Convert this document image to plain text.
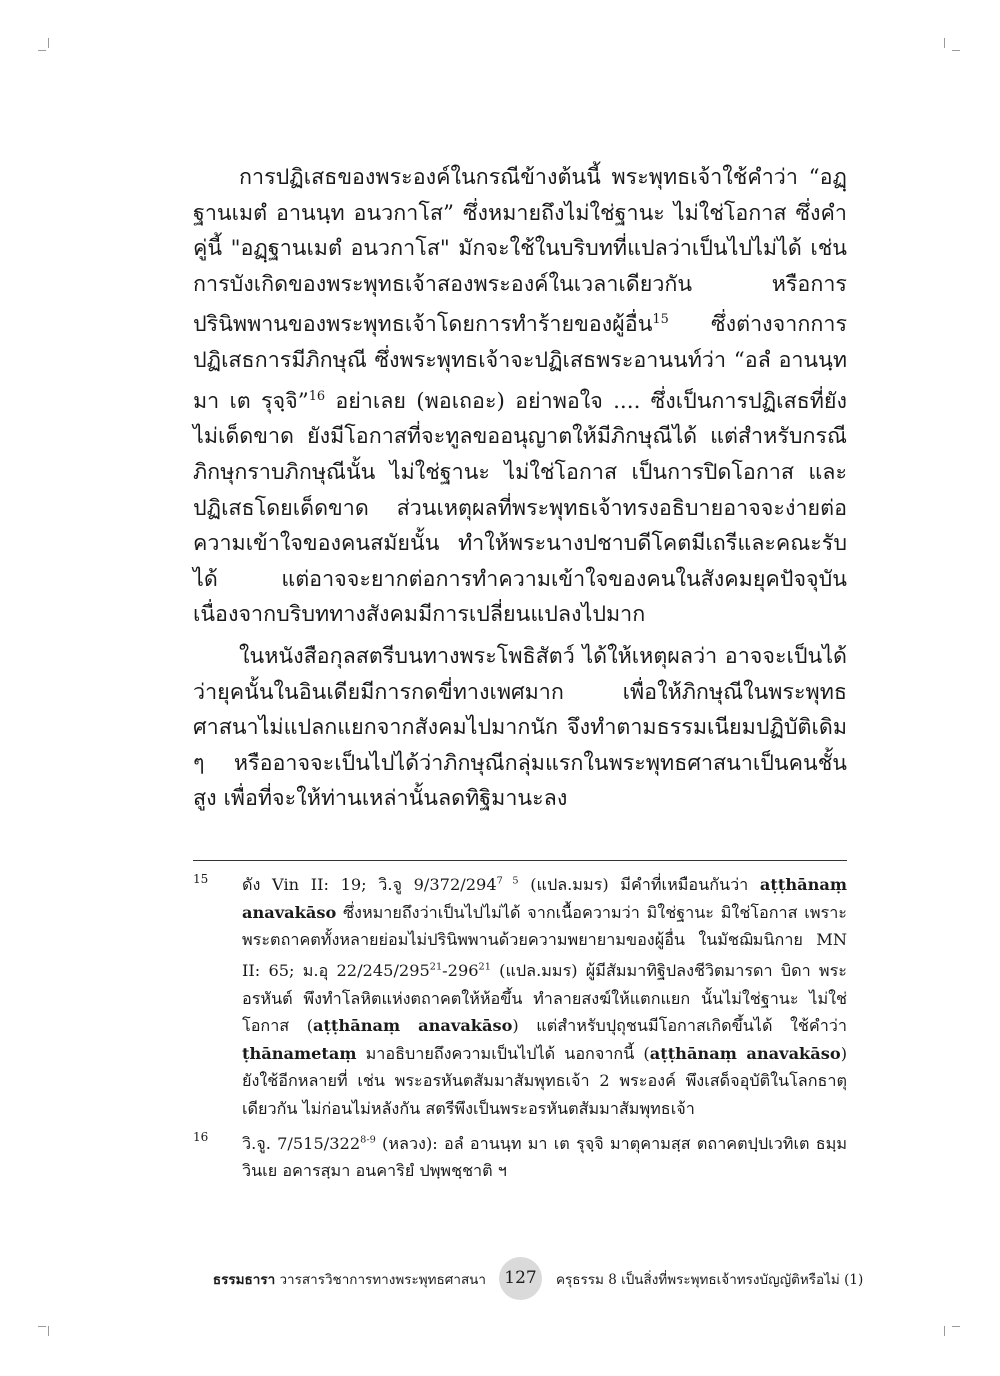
การปฏิเสธของพระองค์ในกรณีข้างต้นนี้ พระพุทธเจ้าใช้คำว่า “อฏฺฐานเมตํ อานนฺท อนวกาโส” ซึ่งหมายถึงไม่ใช่ฐานะ ไม่ใช่โอกาส ซึ่งคำคู่นี้ "อฏฺฐานเมตํ อนวกาโส" มักจะใช้ในบริบทที่แปลว่าเป็นไปไม่ได้ เช่น การบังเกิดของพระพุทธเจ้าสองพระองค์ในเวลาเดียวกัน หรือการปรินิพพานของพระพุทธเจ้าโดยการทำร้ายของผู้อื่น$^{15}$ ซึ่งต่างจากการปฏิเสธการมีภิกษุณี ซึ่งพระพุทธเจ้าจะปฏิเสธพระอานนท์ว่า “อลํ อานนฺท มา เต รุจฺจิ”$^{16}$ อย่าเลย (พอเถอะ) อย่าพอใจ .... ซึ่งเป็นการปฏิเสธที่ยังไม่เด็ดขาด ยังมีโอกาสที่จะทูลขออนุญาตให้มีภิกษุณีได้ แต่สำหรับกรณีภิกษุกราบภิกษุณีนั้น ไม่ใช่ฐานะ ไม่ใช่โอกาส เป็นการปิดโอกาส และปฏิเสธโดยเด็ดขาด ส่วนเหตุผลที่พระพุทธเจ้าทรงอธิบายอาจจะง่ายต่อความเข้าใจของคนสมัยนั้น ทำให้พระนางปชาบดีโคตมีเถรีและคณะรับได้ แต่อาจจะยากต่อการทำความเข้าใจของคนในสังคมยุคปัจจุบัน เนื่องจากบริบททางสังคมมีการเปลี่ยนแปลงไปมาก

ในหนังสือกุลสตรีบนทางพระโพธิสัตว์ ได้ให้เหตุผลว่า อาจจะเป็นได้ว่ายุคนั้นในอินเดียมีการกดขี่ทางเพศมาก เพื่อให้ภิกษุณีในพระพุทธศาสนาไม่แปลกแยกจากสังคมไปมากนัก จึงทำตามธรรมเนียมปฏิบัติเดิม ๆ หรืออาจจะเป็นไปได้ว่าภิกษุณีกลุ่มแรกในพระพุทธศาสนาเป็นคนชั้นสูง เพื่อที่จะให้ท่านเหล่านั้นลดทิฐิมานะลง

15 ดัง Vin II: 19; วิ.จู $9/372/294^{7 5}$ (แปล.มมร) มีคำที่เหมือนกันว่า aṭṭhānaṃ anavakāso ซึ่งหมายถึงว่าเป็นไปไม่ได้ จากเนื้อความว่า มิใช่ฐานะ มิใช่โอกาส เพราะพระตถาคตทั้งหลายย่อมไม่ปรินิพพานด้วยความพยายามของผู้อื่น ในมัชฌิมนิกาย MN II: 65; ม.อุ $22/245/295^{21}-296^{21}$ (แปล.มมร) ผู้มีสัมมาทิฐิปลงชีวิตมารดา บิดา พระอรหันต์ พึงทำโลหิตแห่งตถาคตให้ห้อขึ้น ทำลายสงฆ์ให้แตกแยก นั้นไม่ใช่ฐานะ ไม่ใช่โอกาส (aṭṭhānaṃ anavakāso) แต่สำหรับปุถุชนมีโอกาสเกิดขึ้นได้ ใช้คำว่า ṭhānametaṃ มาอธิบายถึงความเป็นไปได้ นอกจากนี้ (aṭṭhānaṃ anavakāso) ยังใช้อีกหลายที่ เช่น พระอรหันตสัมมาสัมพุทธเจ้า 2 พระองค์ พึงเสด็จอุบัติในโลกธาตุเดียวกัน ไม่ก่อนไม่หลังกัน สตรีพึงเป็นพระอรหันตสัมมาสัมพุทธเจ้า
16 วิ.จู. 7/515/322$^{8-9}$ (หลวง): อลํ อานนฺท มา เต รุจฺจิ มาตุคามสฺส ตถาคตปฺปเวทิเต ธมฺมวินเย อคารสฺมา อนคาริยํ ปพฺพชฺชาติ ฯ
ธรรมธารา วารสารวิชาการทางพระพุทธศาสนา	127	ครุธรรม 8 เป็นสิ่งที่พระพุทธเจ้าทรงบัญญัติหรือไม่ (1)
